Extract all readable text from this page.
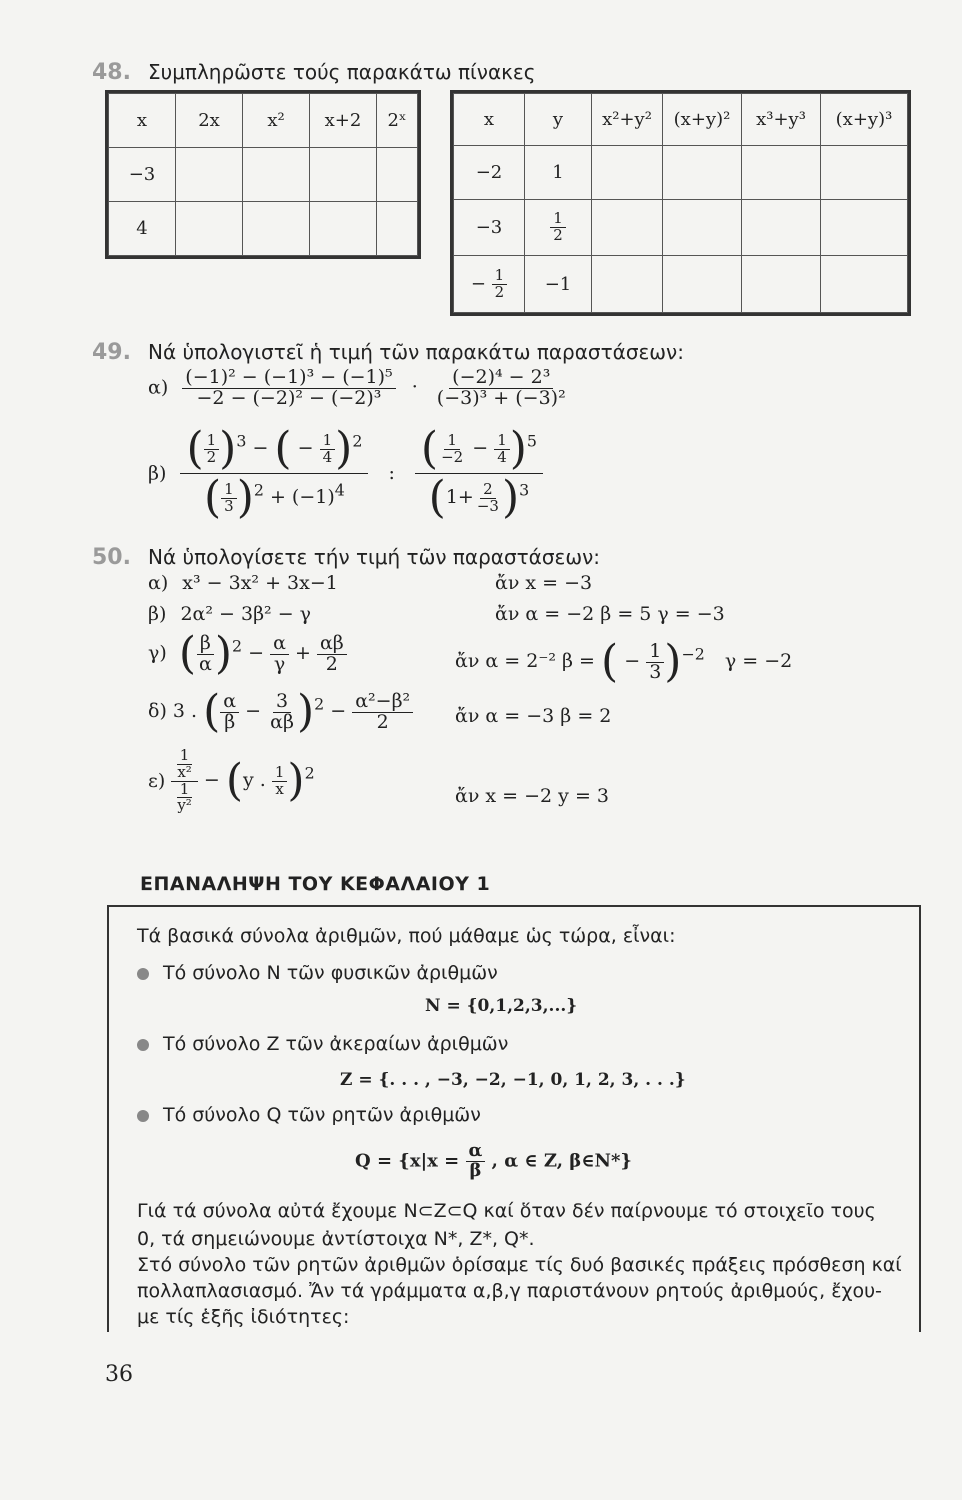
48. Συμπληρῶστε τούς παρακάτω πίνακες
x	2x	x²	x+2	2ˣ
−3				
4				
x	y	x²+y²	(x+y)²	x³+y³	(x+y)³
−2	1				
−3	$\frac{1}{2}$

− $\frac{1}{2}$	−1				
49. Νά ὑπολογιστεῖ ἡ τιμή τῶν παρακάτω παραστάσεων:
$\alpha) \frac{\text{(−1)² − (−1)³ − (−1)⁵}}{\text{−2 − (−2)² − (−2)³}} \cdot \frac{\text{(−2)⁴ − 2³}}{\text{(−3)³ + (−3)²}}$
$\beta) \frac{( \frac{1}{2} )^3 - ( - \frac{1}{4} )^2}{( \frac{1}{3} )^2 + (-1)^4}$ : $\frac{( \frac{1}{-2} - \frac{1}{4} )^5}{(1+ \frac{2}{-3} )^3}$
50. Νά ὑπολογίσετε τήν τιμή τῶν παραστάσεων:
α) x³ − 3x² + 3x−1	ἄν x = −3
β) 2α² − 3β² − γ	ἄν α = −2 β = 5 γ = −3
γ) ( $\frac{\beta}{\alpha} )^2 - \frac{\alpha}{\gamma} + \frac{\alpha\beta}{2}$	ἄν α = 2⁻² β = ( − $\frac{1}{3} )^{-2}$ γ = −2
δ) 3 . ( $\frac{\alpha}{\beta} - \frac{3}{\alpha\beta} )^2 - \frac{\text{α²−β²}}{2}$ ἄν α = −3 β = 2
$\varepsilon) \frac{\frac{1}{\text{x²}}}{\frac{1}{\text{y²}}} - (y$ . $\frac{1}{x} )^2$
ἄν x = −2 y = 3
ΕΠΑΝΑΛΗΨΗ ΤΟΥ ΚΕΦΑΛΑΙΟΥ 1
Τά βασικά σύνολα ἀριθμῶν, πού μάθαμε ὡς τώρα, εἶναι:
Τό σύνολο N τῶν φυσικῶν ἀριθμῶν
N = {0,1,2,3,...}
Τό σύνολο Z τῶν ἀκεραίων ἀριθμῶν
Z = {. . . , −3, −2, −1, 0, 1, 2, 3, . . .}
Τό σύνολο Q τῶν ρητῶν ἀριθμῶν
$Q = \{x|x = \frac{\alpha}{\beta}$ , α ∈ Z, β∈N*}
Γιά τά σύνολα αὐτά ἔχουμε N⊂Z⊂Q καί ὅταν δέν παίρνουμε τό στοιχεῖο τους
0, τά σημειώνουμε ἀντίστοιχα N*, Z*, Q*.
Στό σύνολο τῶν ρητῶν ἀριθμῶν ὁρίσαμε τίς δυό βασικές πράξεις πρόσθεση καί
πολλαπλασιασμό. Ἄν τά γράμματα α,β,γ παριστάνουν ρητούς ἀριθμούς, ἔχου-
με τίς ἑξῆς ἰδιότητες:
36
